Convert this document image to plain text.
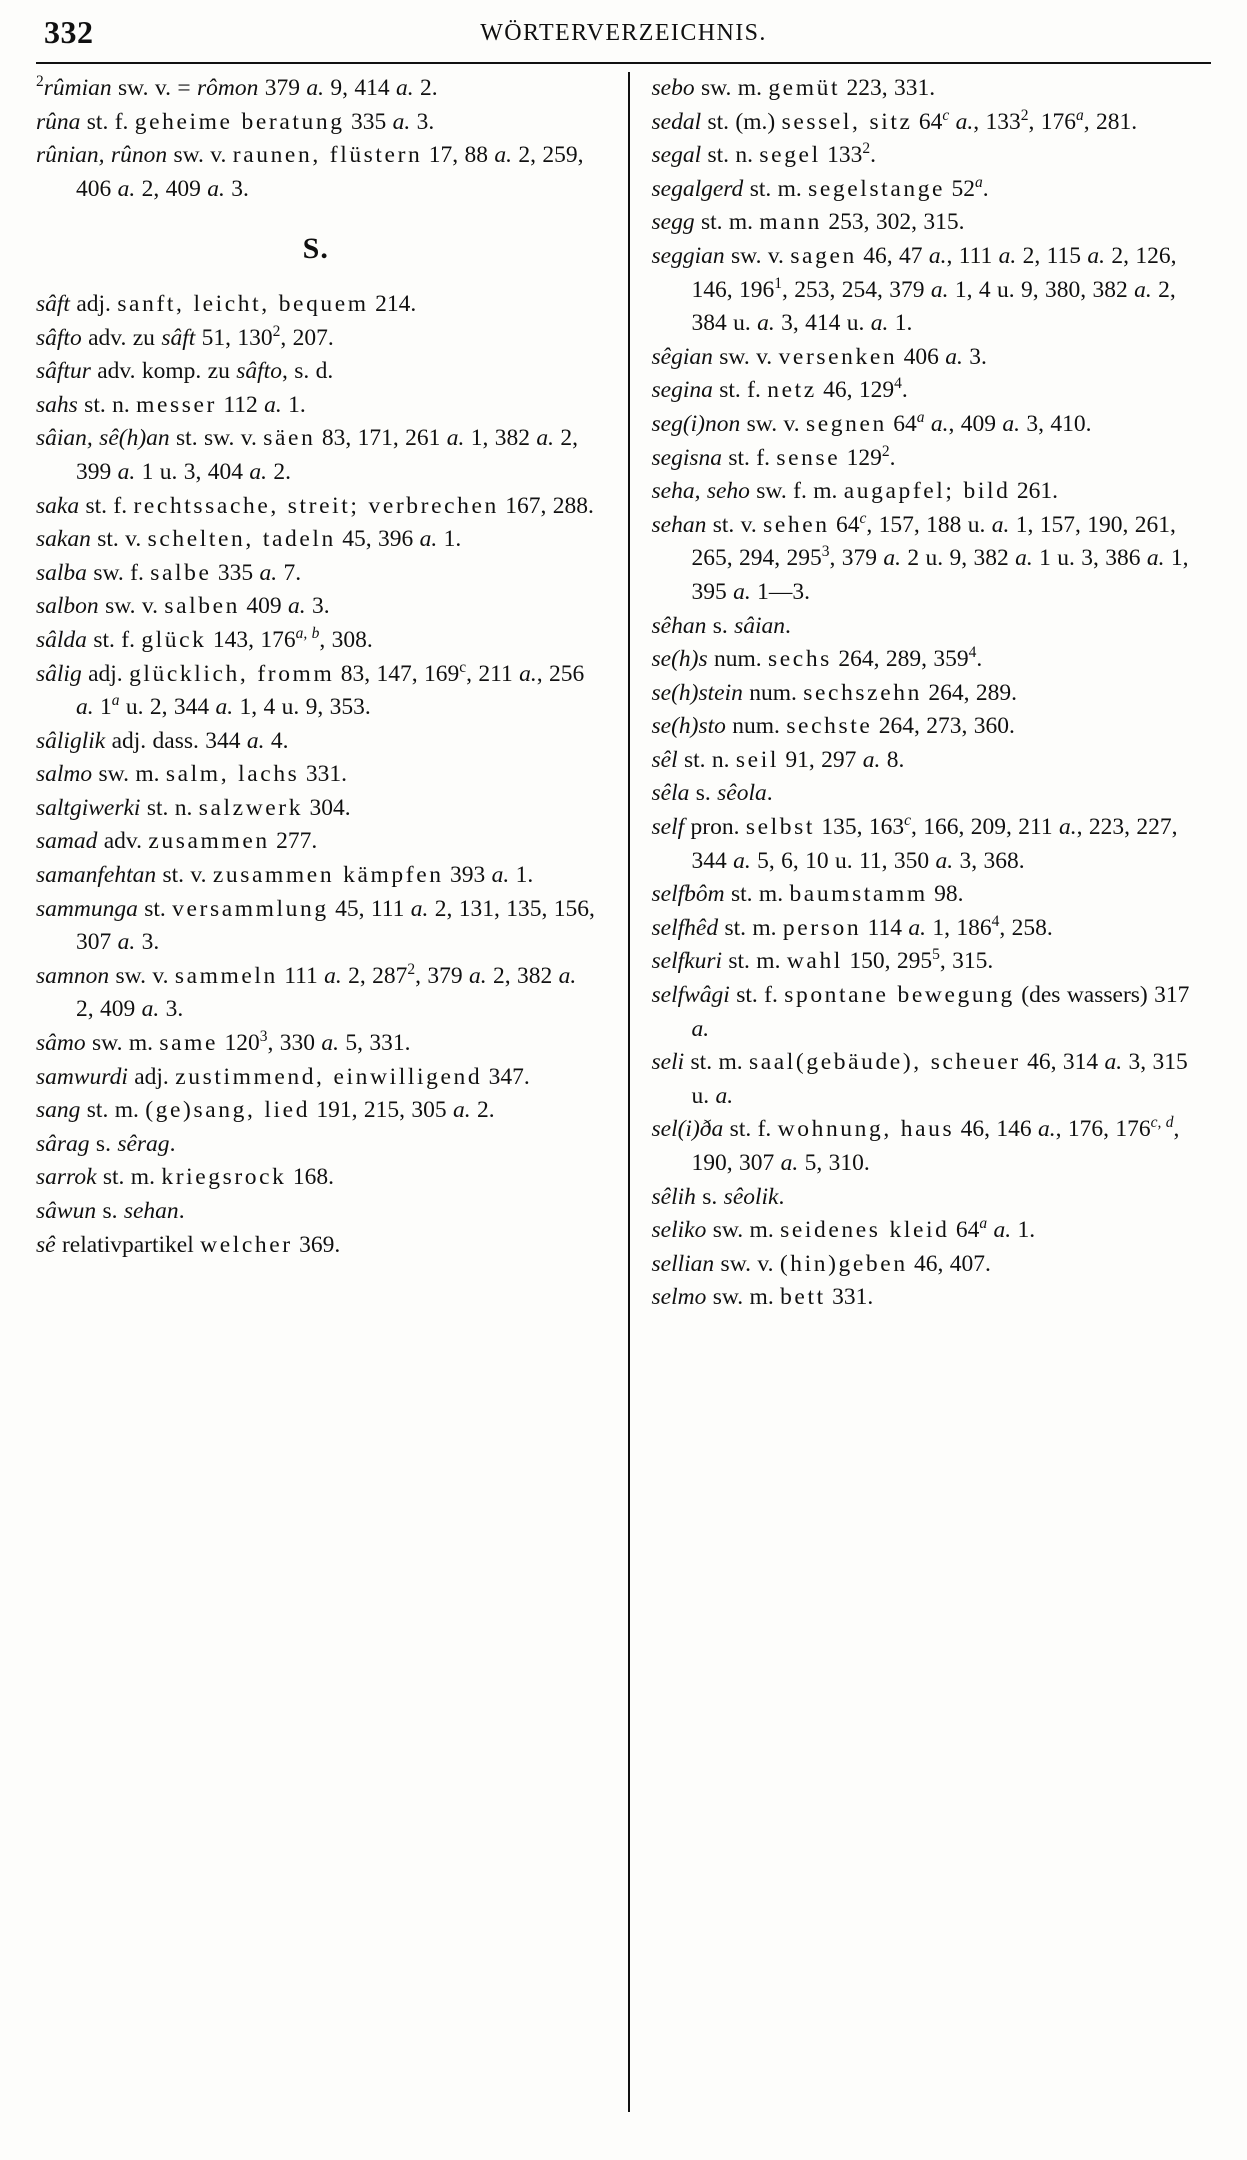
332	WÖRTERVERZEICHNIS.
$^2$rûmian sw. v. = rômon 379 a. 9, 414 a. 2.
rûna st. f. geheime beratung 335 a. 3.
rûnian, rûnon sw. v. raunen, flüstern 17, 88 a. 2, 259, 406 a. 2, 409 a. 3.
S.
sâft adj. sanft, leicht, bequem 214.
sâfto adv. zu sâft 51, $130^2$, 207.
sâftur adv. komp. zu sâfto, s. d.
sahs st. n. messer 112 a. 1.
sâian, sê(h)an st. sw. v. säen 83, 171, 261 a. 1, 382 a. 2, 399 a. 1 u. 3, 404 a. 2.
saka st. f. rechtssache, streit; verbrechen 167, 288.
sakan st. v. schelten, tadeln 45, 396 a. 1.
salba sw. f. salbe 335 a. 7.
salbon sw. v. salben 409 a. 3.
sâlda st. f. glück 143, 176$^{a, b}$, 308.
sâlig adj. glücklich, fromm 83, 147, 169$^c$, 211 a., 256 a. 1$^a$ u. 2, 344 a. 1, 4 u. 9, 353.
sâliglik adj. dass. 344 a. 4.
salmo sw. m. salm, lachs 331.
saltgiwerki st. n. salzwerk 304.
samad adv. zusammen 277.
samanfehtan st. v. zusammen kämpfen 393 a. 1.
sammunga st. versammlung 45, 111 a. 2, 131, 135, 156, 307 a. 3.
samnon sw. v. sammeln 111 a. 2, $287^2$, 379 a. 2, 382 a. 2, 409 a. 3.
sâmo sw. m. same $120^3$, 330 a. 5, 331.
samwurdi adj. zustimmend, einwilligend 347.
sang st. m. (ge)sang, lied 191, 215, 305 a. 2.
sârag s. sêrag.
sarrok st. m. kriegsrock 168.
sâwun s. sehan.
sê relativpartikel welcher 369.
sebo sw. m. gemüt 223, 331.
sedal st. (m.) sessel, sitz 64$^c$ a., $133^2$, 176$^a$, 281.
segal st. n. segel $133^2$.
segalgerd st. m. segelstange 52$^a$.
segg st. m. mann 253, 302, 315.
seggian sw. v. sagen 46, 47 a., 111 a. 2, 115 a. 2, 126, 146, $196^1$, 253, 254, 379 a. 1, 4 u. 9, 380, 382 a. 2, 384 u. a. 3, 414 u. a. 1.
sêgian sw. v. versenken 406 a. 3.
segina st. f. netz 46, $129^4$.
seg(i)non sw. v. segnen 64$^a$ a., 409 a. 3, 410.
segisna st. f. sense $129^2$.
seha, seho sw. f. m. augapfel; bild 261.
sehan st. v. sehen 64$^c$, 157, 188 u. a. 1, 157, 190, 261, 265, 294, $295^3$, 379 a. 2 u. 9, 382 a. 1 u. 3, 386 a. 1, 395 a. 1—3.
sêhan s. sâian.
se(h)s num. sechs 264, 289, $359^4$.
se(h)stein num. sechszehn 264, 289.
se(h)sto num. sechste 264, 273, 360.
sêl st. n. seil 91, 297 a. 8.
sêla s. sêola.
self pron. selbst 135, 163$^c$, 166, 209, 211 a., 223, 227, 344 a. 5, 6, 10 u. 11, 350 a. 3, 368.
selfbôm st. m. baumstamm 98.
selfhêd st. m. person 114 a. 1, $186^4$, 258.
selfkuri st. m. wahl 150, $295^5$, 315.
selfwâgi st. f. spontane bewegung (des wassers) 317 a.
seli st. m. saal(gebäude), scheuer 46, 314 a. 3, 315 u. a.
sel(i)ða st. f. wohnung, haus 46, 146 a., 176, 176$^{c, d}$, 190, 307 a. 5, 310.
sêlih s. sêolik.
seliko sw. m. seidenes kleid 64$^a$ a. 1.
sellian sw. v. (hin)geben 46, 407.
selmo sw. m. bett 331.
